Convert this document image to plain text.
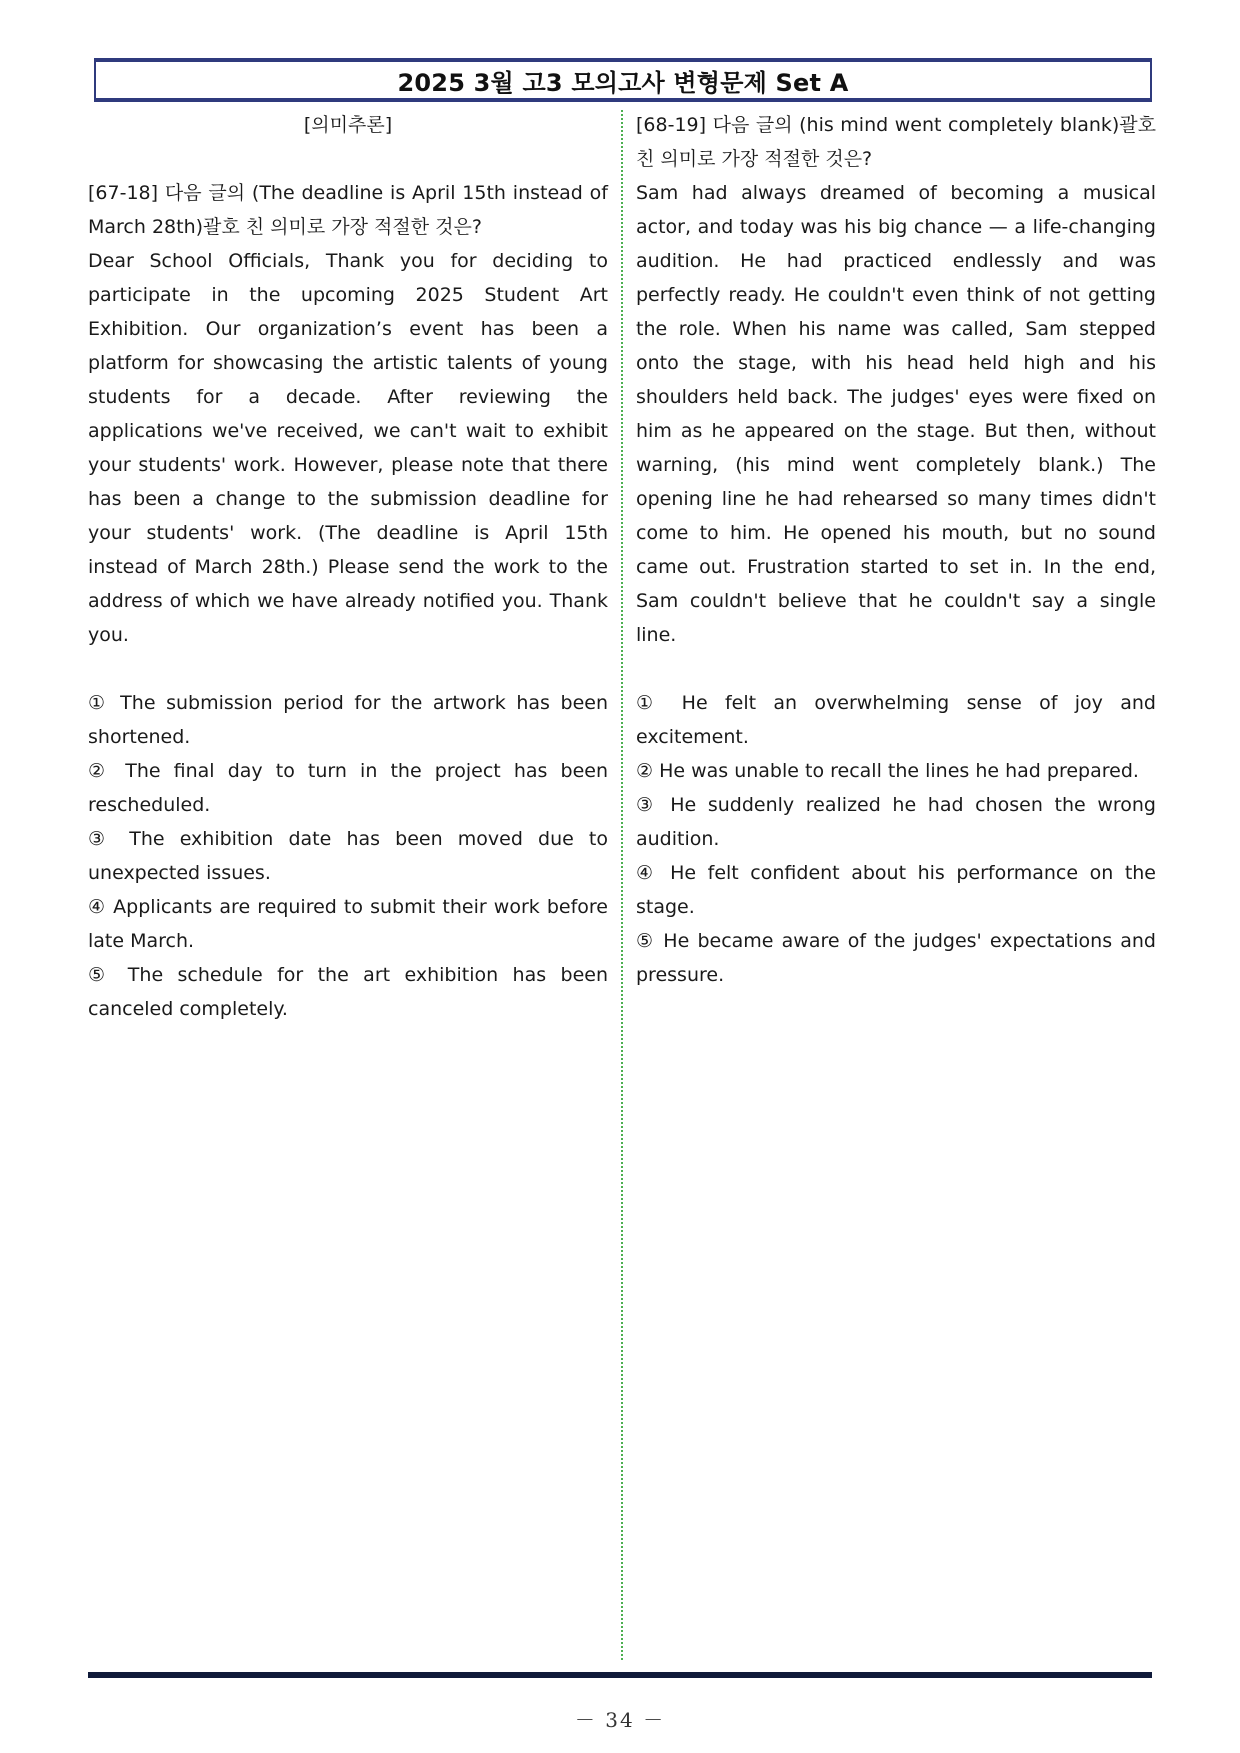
2025 3월 고3 모의고사 변형문제 Set A
[의미추론]

[67-18] 다음 글의 (The deadline is April 15th instead of March 28th)괄호 친 의미로 가장 적절한 것은?

Dear School Officials, Thank you for deciding to participate in the upcoming 2025 Student Art Exhibition. Our organization’s event has been a platform for showcasing the artistic talents of young students for a decade. After reviewing the applications we've received, we can't wait to exhibit your students' work. However, please note that there has been a change to the submission deadline for your students' work. (The deadline is April 15th instead of March 28th.) Please send the work to the address of which we have already notified you. Thank you.

① The submission period for the artwork has been shortened.

② The final day to turn in the project has been rescheduled.

③ The exhibition date has been moved due to unexpected issues.

④ Applicants are required to submit their work before late March.

⑤ The schedule for the art exhibition has been canceled completely.

[68-19] 다음 글의 (his mind went completely blank)괄호 친 의미로 가장 적절한 것은?

Sam had always dreamed of becoming a musical actor, and today was his big chance — a life-changing audition. He had practiced endlessly and was perfectly ready. He couldn't even think of not getting the role. When his name was called, Sam stepped onto the stage, with his head held high and his shoulders held back. The judges' eyes were fixed on him as he appeared on the stage. But then, without warning, (his mind went completely blank.) The opening line he had rehearsed so many times didn't come to him. He opened his mouth, but no sound came out. Frustration started to set in. In the end, Sam couldn't believe that he couldn't say a single line.

① He felt an overwhelming sense of joy and excitement.

② He was unable to recall the lines he had prepared.

③ He suddenly realized he had chosen the wrong audition.

④ He felt confident about his performance on the stage.

⑤ He became aware of the judges' expectations and pressure.

－ 34 －
